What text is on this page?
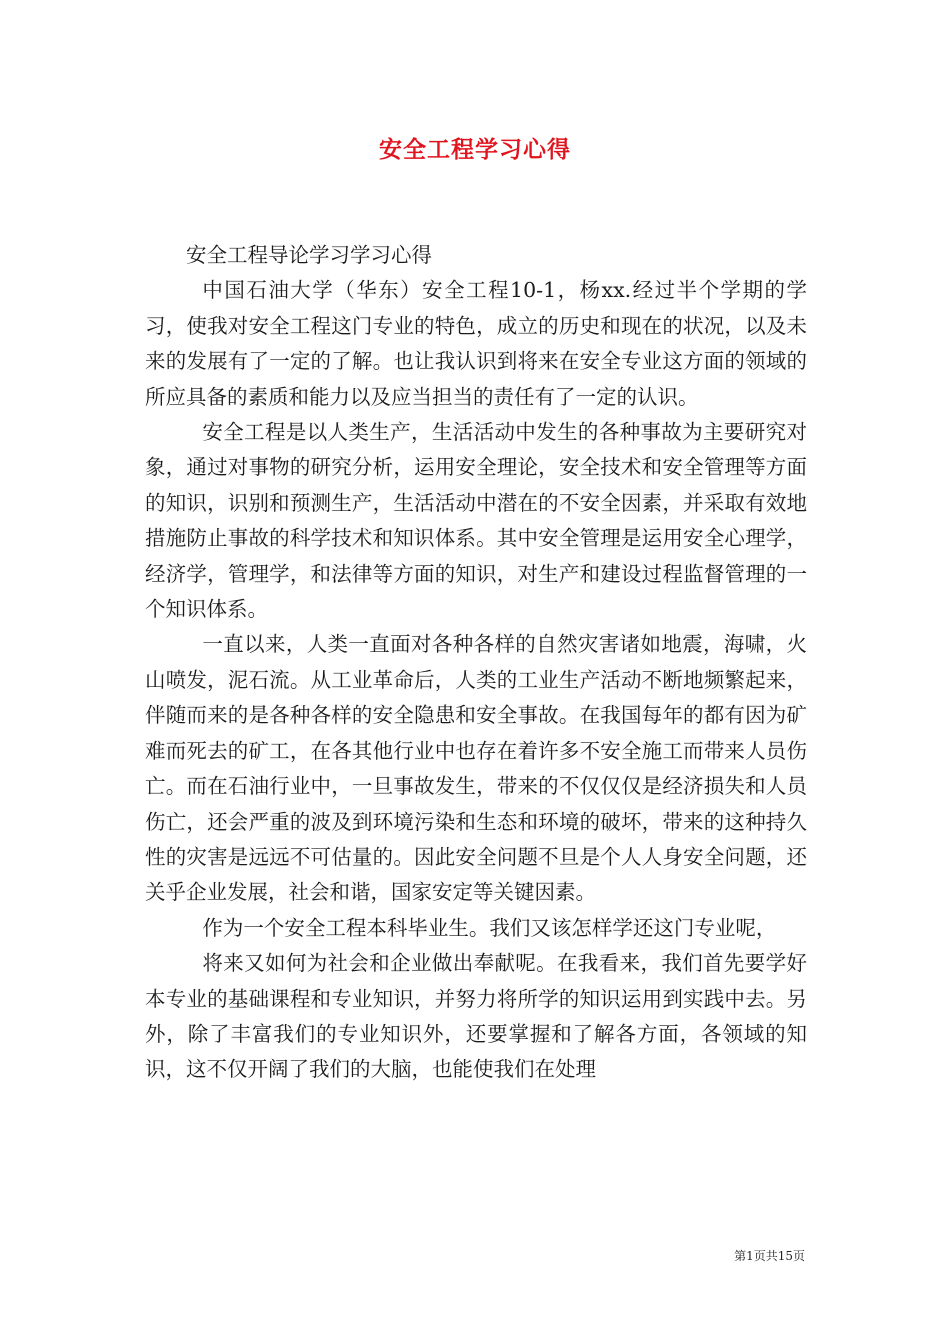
安全工程学习心得

安全工程导论学习学习心得

中国石油大学（华东）安全工程10-1，杨xx.经过半个学期的学习，使我对安全工程这门专业的特色，成立的历史和现在的状况，以及未来的发展有了一定的了解。也让我认识到将来在安全专业这方面的领域的所应具备的素质和能力以及应当担当的责任有了一定的认识。

安全工程是以人类生产，生活活动中发生的各种事故为主要研究对象，通过对事物的研究分析，运用安全理论，安全技术和安全管理等方面的知识，识别和预测生产，生活活动中潜在的不安全因素，并采取有效地措施防止事故的科学技术和知识体系。其中安全管理是运用安全心理学，经济学，管理学，和法律等方面的知识，对生产和建设过程监督管理的一个知识体系。

一直以来，人类一直面对各种各样的自然灾害诸如地震，海啸，火山喷发，泥石流。从工业革命后，人类的工业生产活动不断地频繁起来，伴随而来的是各种各样的安全隐患和安全事故。在我国每年的都有因为矿难而死去的矿工，在各其他行业中也存在着许多不安全施工而带来人员伤亡。而在石油行业中，一旦事故发生，带来的不仅仅仅是经济损失和人员伤亡，还会严重的波及到环境污染和生态和环境的破坏，带来的这种持久性的灾害是远远不可估量的。因此安全问题不旦是个人人身安全问题，还关乎企业发展，社会和谐，国家安定等关键因素。

作为一个安全工程本科毕业生。我们又该怎样学还这门专业呢，

将来又如何为社会和企业做出奉献呢。在我看来，我们首先要学好本专业的基础课程和专业知识，并努力将所学的知识运用到实践中去。另外，除了丰富我们的专业知识外，还要掌握和了解各方面，各领域的知识，这不仅开阔了我们的大脑，也能使我们在处理

第1页共15页
